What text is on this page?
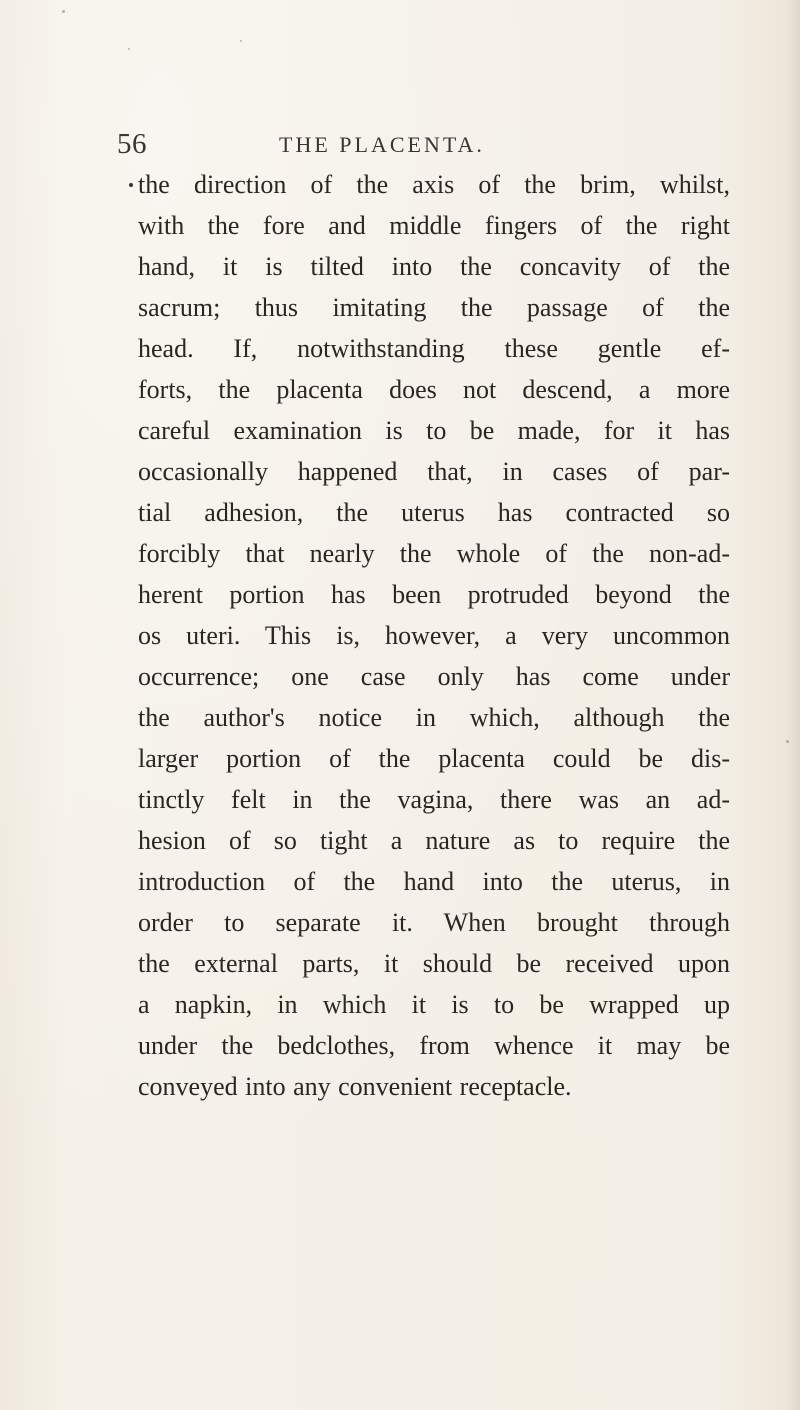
56	THE PLACENTA.
the direction of the axis of the brim, whilst,
with the fore and middle fingers of the right
hand, it is tilted into the concavity of the
sacrum; thus imitating the passage of the
head. If, notwithstanding these gentle ef-
forts, the placenta does not descend, a more
careful examination is to be made, for it has
occasionally happened that, in cases of par-
tial adhesion, the uterus has contracted so
forcibly that nearly the whole of the non-ad-
herent portion has been protruded beyond the
os uteri. This is, however, a very uncommon
occurrence; one case only has come under
the author's notice in which, although the
larger portion of the placenta could be dis-
tinctly felt in the vagina, there was an ad-
hesion of so tight a nature as to require the
introduction of the hand into the uterus, in
order to separate it. When brought through
the external parts, it should be received upon
a napkin, in which it is to be wrapped up
under the bedclothes, from whence it may be
conveyed into any convenient receptacle.
